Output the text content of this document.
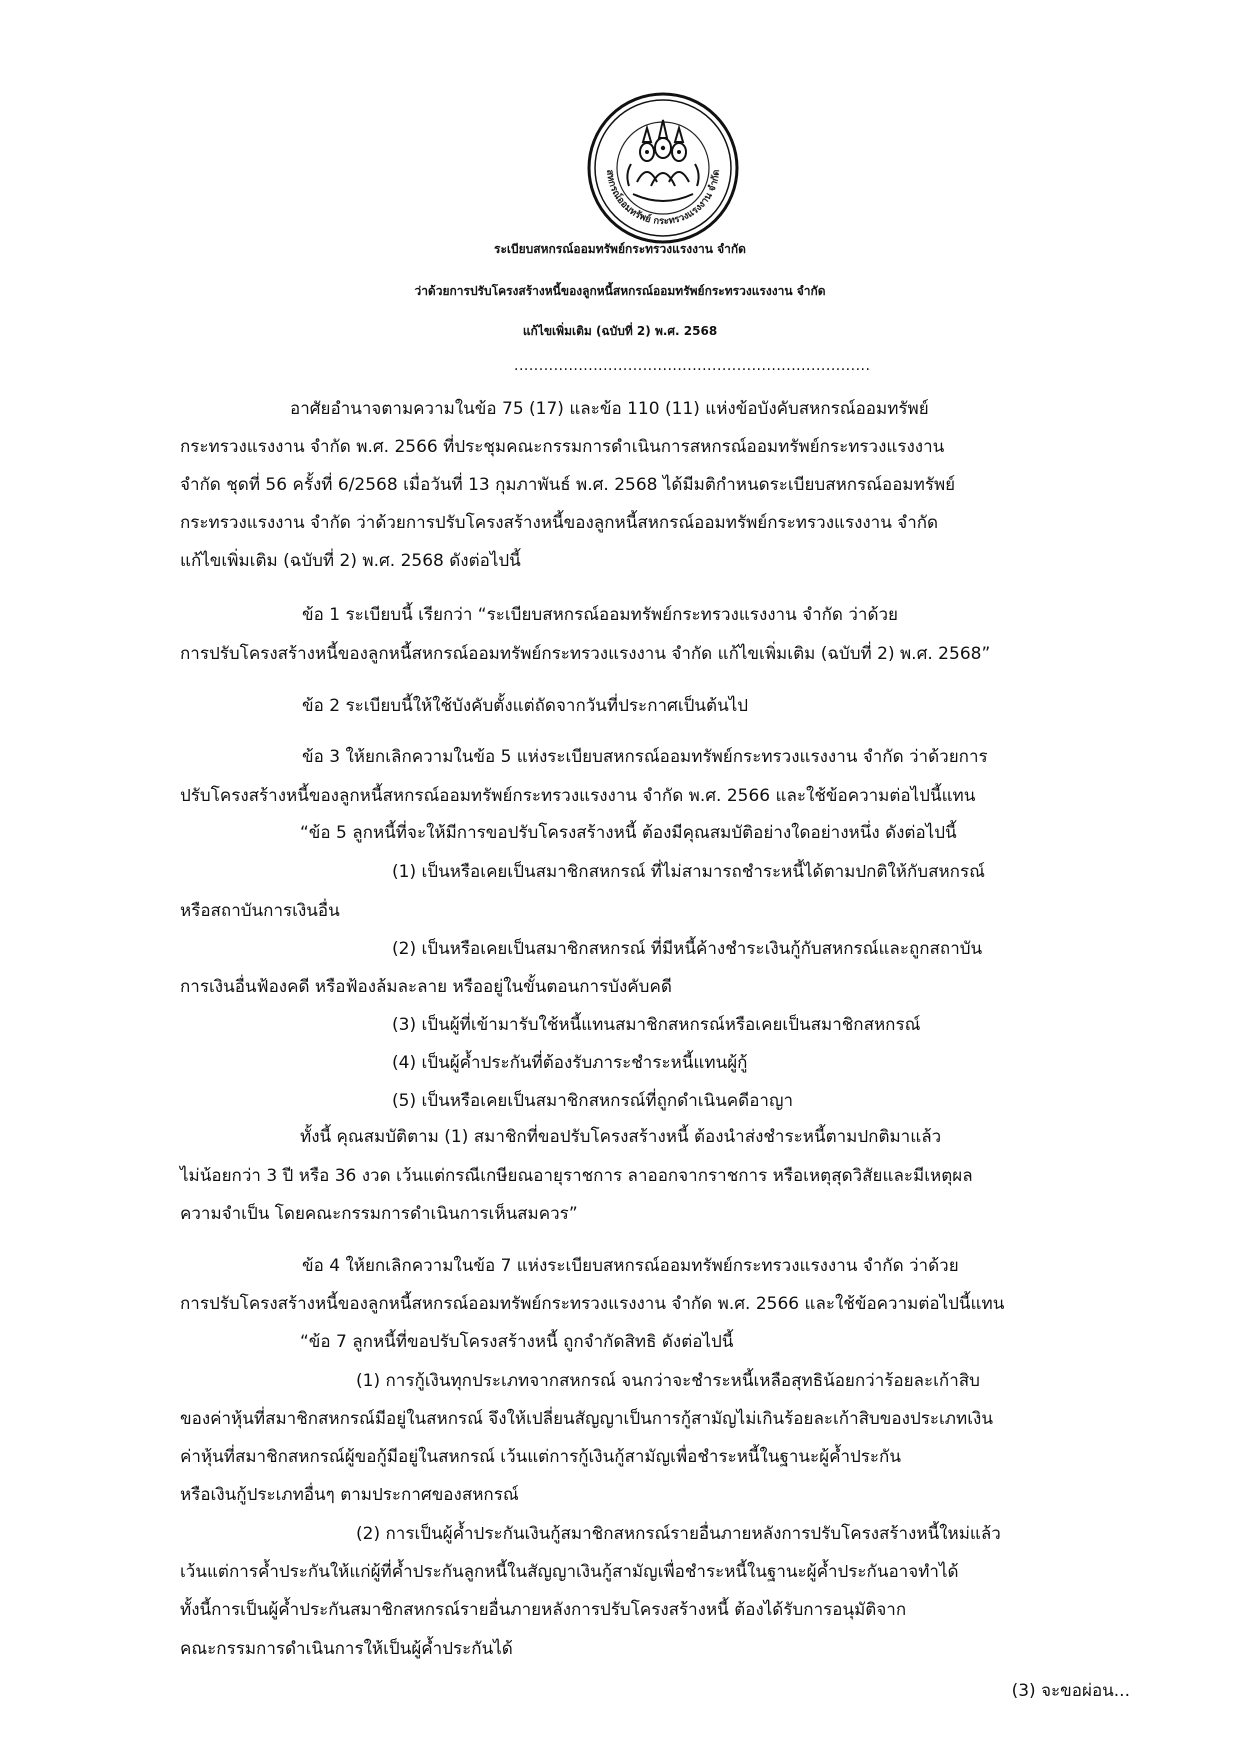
สหกรณ์ออมทรัพย์ กระทรวงแรงงาน จำกัด
ระเบียบสหกรณ์ออมทรัพย์กระทรวงแรงงาน จำกัด
ว่าด้วยการปรับโครงสร้างหนี้ของลูกหนี้สหกรณ์ออมทรัพย์กระทรวงแรงงาน จำกัด
แก้ไขเพิ่มเติม (ฉบับที่ 2) พ.ศ. 2568
........................................................................
อาศัยอำนาจตามความในข้อ 75 (17) และข้อ 110 (11) แห่งข้อบังคับสหกรณ์ออมทรัพย์
กระทรวงแรงงาน จำกัด พ.ศ. 2566 ที่ประชุมคณะกรรมการดำเนินการสหกรณ์ออมทรัพย์กระทรวงแรงงาน
จำกัด ชุดที่ 56 ครั้งที่ 6/2568 เมื่อวันที่ 13 กุมภาพันธ์ พ.ศ. 2568 ได้มีมติกำหนดระเบียบสหกรณ์ออมทรัพย์
กระทรวงแรงงาน จำกัด ว่าด้วยการปรับโครงสร้างหนี้ของลูกหนี้สหกรณ์ออมทรัพย์กระทรวงแรงงาน จำกัด
แก้ไขเพิ่มเติม (ฉบับที่ 2) พ.ศ. 2568 ดังต่อไปนี้
ข้อ 1 ระเบียบนี้ เรียกว่า “ระเบียบสหกรณ์ออมทรัพย์กระทรวงแรงงาน จำกัด ว่าด้วย
การปรับโครงสร้างหนี้ของลูกหนี้สหกรณ์ออมทรัพย์กระทรวงแรงงาน จำกัด แก้ไขเพิ่มเติม (ฉบับที่ 2) พ.ศ. 2568”
ข้อ 2 ระเบียบนี้ให้ใช้บังคับตั้งแต่ถัดจากวันที่ประกาศเป็นต้นไป
ข้อ 3 ให้ยกเลิกความในข้อ 5 แห่งระเบียบสหกรณ์ออมทรัพย์กระทรวงแรงงาน จำกัด ว่าด้วยการ
ปรับโครงสร้างหนี้ของลูกหนี้สหกรณ์ออมทรัพย์กระทรวงแรงงาน จำกัด พ.ศ. 2566 และใช้ข้อความต่อไปนี้แทน
“ข้อ 5 ลูกหนี้ที่จะให้มีการขอปรับโครงสร้างหนี้ ต้องมีคุณสมบัติอย่างใดอย่างหนึ่ง ดังต่อไปนี้
(1) เป็นหรือเคยเป็นสมาชิกสหกรณ์ ที่ไม่สามารถชำระหนี้ได้ตามปกติให้กับสหกรณ์
หรือสถาบันการเงินอื่น
(2) เป็นหรือเคยเป็นสมาชิกสหกรณ์ ที่มีหนี้ค้างชำระเงินกู้กับสหกรณ์และถูกสถาบัน
การเงินอื่นฟ้องคดี หรือฟ้องล้มละลาย หรืออยู่ในขั้นตอนการบังคับคดี
(3) เป็นผู้ที่เข้ามารับใช้หนี้แทนสมาชิกสหกรณ์หรือเคยเป็นสมาชิกสหกรณ์
(4) เป็นผู้ค้ำประกันที่ต้องรับภาระชำระหนี้แทนผู้กู้
(5) เป็นหรือเคยเป็นสมาชิกสหกรณ์ที่ถูกดำเนินคดีอาญา
ทั้งนี้ คุณสมบัติตาม (1) สมาชิกที่ขอปรับโครงสร้างหนี้ ต้องนำส่งชำระหนี้ตามปกติมาแล้ว
ไม่น้อยกว่า 3 ปี หรือ 36 งวด เว้นแต่กรณีเกษียณอายุราชการ ลาออกจากราชการ หรือเหตุสุดวิสัยและมีเหตุผล
ความจำเป็น โดยคณะกรรมการดำเนินการเห็นสมควร”
ข้อ 4 ให้ยกเลิกความในข้อ 7 แห่งระเบียบสหกรณ์ออมทรัพย์กระทรวงแรงงาน จำกัด ว่าด้วย
การปรับโครงสร้างหนี้ของลูกหนี้สหกรณ์ออมทรัพย์กระทรวงแรงงาน จำกัด พ.ศ. 2566 และใช้ข้อความต่อไปนี้แทน
“ข้อ 7 ลูกหนี้ที่ขอปรับโครงสร้างหนี้ ถูกจำกัดสิทธิ ดังต่อไปนี้
(1) การกู้เงินทุกประเภทจากสหกรณ์ จนกว่าจะชำระหนี้เหลือสุทธิน้อยกว่าร้อยละเก้าสิบ
ของค่าหุ้นที่สมาชิกสหกรณ์มีอยู่ในสหกรณ์ จึงให้เปลี่ยนสัญญาเป็นการกู้สามัญไม่เกินร้อยละเก้าสิบของประเภทเงิน
ค่าหุ้นที่สมาชิกสหกรณ์ผู้ขอกู้มีอยู่ในสหกรณ์ เว้นแต่การกู้เงินกู้สามัญเพื่อชำระหนี้ในฐานะผู้ค้ำประกัน
หรือเงินกู้ประเภทอื่นๆ ตามประกาศของสหกรณ์
(2) การเป็นผู้ค้ำประกันเงินกู้สมาชิกสหกรณ์รายอื่นภายหลังการปรับโครงสร้างหนี้ใหม่แล้ว
เว้นแต่การค้ำประกันให้แก่ผู้ที่ค้ำประกันลูกหนี้ในสัญญาเงินกู้สามัญเพื่อชำระหนี้ในฐานะผู้ค้ำประกันอาจทำได้
ทั้งนี้การเป็นผู้ค้ำประกันสมาชิกสหกรณ์รายอื่นภายหลังการปรับโครงสร้างหนี้ ต้องได้รับการอนุมัติจาก
คณะกรรมการดำเนินการให้เป็นผู้ค้ำประกันได้
(3) จะขอผ่อน...
